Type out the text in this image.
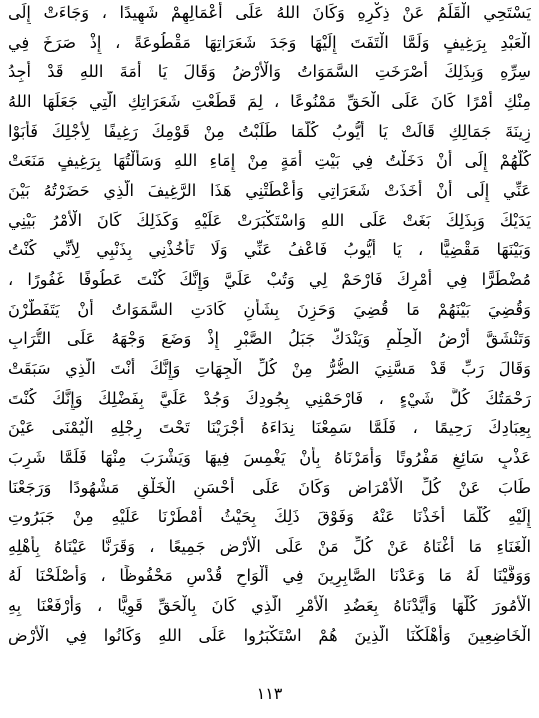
يَسْتَحِي الْقَلَمُ عَنْ ذِكْرِهِ وَكَانَ اللهُ عَلَى أَعْمَالِهِمْ شَهِيدًا ، وَجَاءَتْ إِلَى
الْعَبْدِ بِرَغِيفٍ وَلَمَّا الْتَفَتَ إِلَيْهَا وَجَدَ شَعَرَاتِهَا مَقْطُوعَةً ، إِذْ صَرَخَ فِي
سِرِّهِ وَبِذَلِكَ أَصْرَخَتِ السَّمَوَاتُ وَالْأَرْضُ وَقَالَ يَا أَمَةَ اللهِ قَدْ أَجِدُ
مِنْكِ أَمْرًا كَانَ عَلَى الْحَقِّ مَمْنُوعًا ، لِمَ قَطَعْتِ شَعَرَاتِكِ الَّتِي جَعَلَهَا اللهُ
زِينَةَ جَمَالِكِ قَالَتْ يَا أَيُّوبُ كُلَّمَا طَلَبْتُ مِنْ قَوْمِكَ رَغِيفًا لِأَجْلِكَ فَأَبَوْا
كُلُّهُمْ إِلَى أَنْ دَخَلْتُ فِي بَيْتِ أَمَةٍ مِنْ إِمَاءِ اللهِ وَسَأَلْتُهَا بِرَغِيفٍ مَنَعَتْ
عَنِّي إِلَى أَنْ أَخَذَتْ شَعَرَاتِي وَأَعْطَتْنِي هَذَا الرَّغِيفَ الَّذِي حَضَرْتُهُ بَيْنَ
يَدَيْكَ وَبِذَلِكَ بَغَتْ عَلَى اللهِ وَاسْتَكْبَرَتْ عَلَيْهِ وَكَذَلِكَ كَانَ الْأَمْرُ بَيْنِي
وَبَيْنَهَا مَقْضِيًّا ، يَا أَيُّوبُ فَاعْفُ عَنِّي وَلَا تَأْخُذْنِي بِذَنْبِي لِأَنِّي كُنْتُ
مُضْطَرًّا فِي أَمْرِكَ فَارْحَمْ لِي وَتُبْ عَلَيَّ وَإِنَّكَ كُنْتَ عَطُوفًا غَفُورًا ،
وَقُضِيَ بَيْنَهُمْ مَا قُضِيَ وَحَزِنَ بِشَأْنِ كَادَتِ السَّمَوَاتُ أَنْ يَتَفَطَّرْنَ
وَتَنْشَقَّ أَرْضُ الْحِلْمِ وَيَنْدَكَّ جَبَلُ الصَّبْرِ إِذْ وَضَعَ وَجْهَهُ عَلَى التُّرَابِ
وَقَالَ رَبِّ قَدْ مَسَّنِيَ الضُّرُّ مِنْ كُلِّ الْجِهَاتِ وَإِنَّكَ أَنْتَ الَّذِي سَبَقَتْ
رَحْمَتُكَ كُلَّ شَيْءٍ ، فَارْحَمْنِي بِجُودِكَ وَجُدْ عَلَيَّ بِفَضْلِكَ وَإِنَّكَ كُنْتَ
بِعِبَادِكَ رَحِيمًا ، فَلَمَّا سَمِعْنَا نِدَاءَهُ أَجْرَيْنَا تَحْتَ رِجْلِهِ الْيُمْنَى عَيْنَ
عَذْبٍ سَائِغٍ مَفْرُوتًا وَأَمَرْنَاهُ بِأَنْ يَغْمِسَ فِيهَا وَيَشْرَبَ مِنْهَا فَلَمَّا شَرِبَ
طَابَ عَنْ كُلِّ الْأَمْرَاضِ وَكَانَ عَلَى أَحْسَنِ الْخَلْقِ مَشْهُودًا وَرَجَعْنَا
إِلَيْهِ كُلَّمَا أَخَذْنَا عَنْهُ وَفَوْقَ ذَلِكَ بِحَيْثُ أَمْطَرْنَا عَلَيْهِ مِنْ جَبَرُوتِ
الْغَنَاءِ مَا أَغْنَاهُ عَنْ كُلِّ مَنْ عَلَى الْأَرْضِ جَمِيعًا ، وَقَرَنَّا عَيْنَاهُ بِأَهْلِهِ
وَوَفَّيْنَا لَهُ مَا وَعَدْنَا الصَّابِرِينَ فِي أَلْوَاحِ قُدْسٍ مَحْفُوظًا ، وَأَصْلَحْنَا لَهُ
الْأُمُورَ كُلَّهَا وَأَيَّدْنَاهُ بِعَضُدِ الْأَمْرِ الَّذِي كَانَ بِالْحَقِّ قَوِيًّا ، وَأَرْفَعْنَا بِهِ
الْخَاضِعِينَ وَأَهْلَكْنَا الَّذِينَ هُمْ اسْتَكْبَرُوا عَلَى اللهِ وَكَانُوا فِي الْأَرْضِ
١١٣
